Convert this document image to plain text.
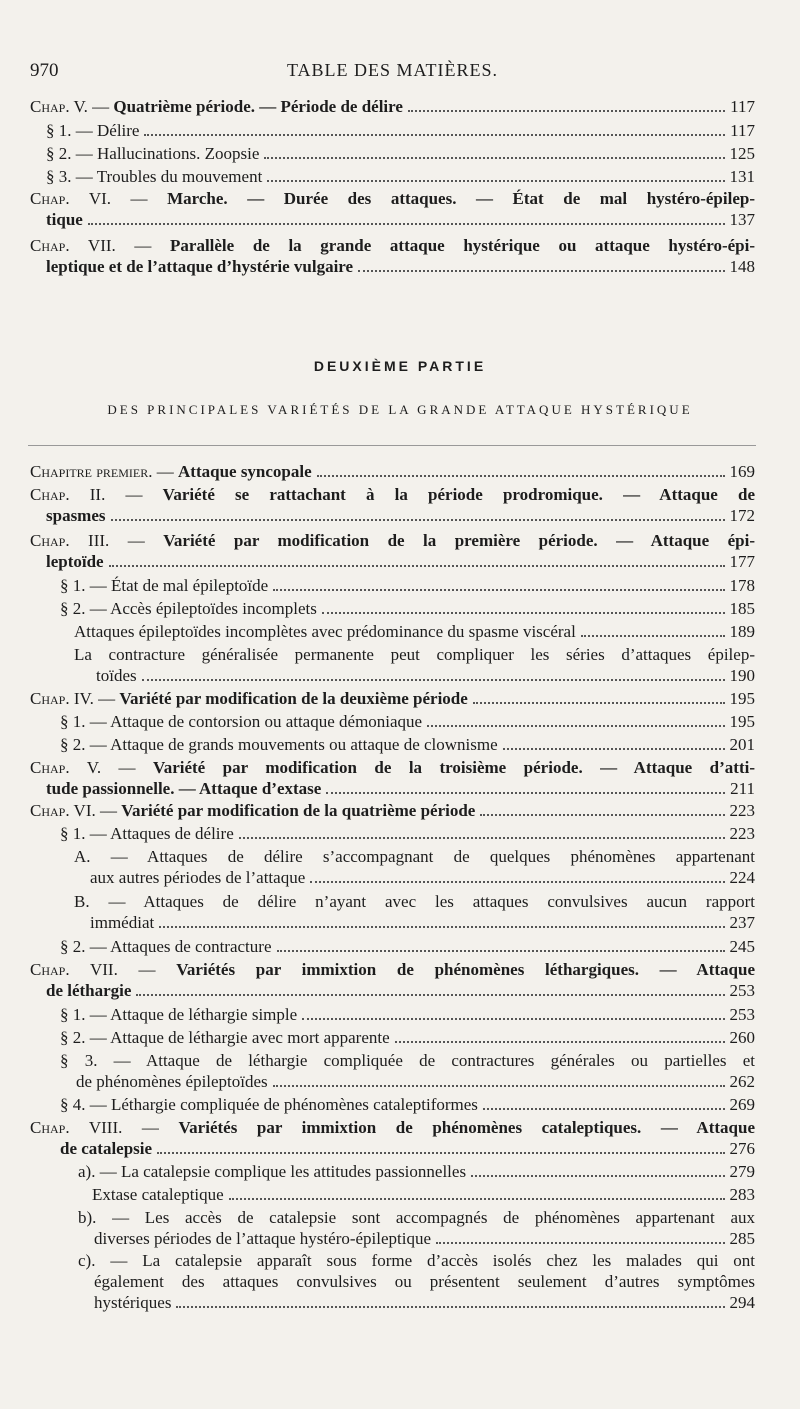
970	TABLE DES MATIÈRES.
Chap. V. — Quatrième période. — Période de délire	117
§ 1. — Délire	117
§ 2. — Hallucinations. Zoopsie	125
§ 3. — Troubles du mouvement	131
Chap. VI. — Marche. — Durée des attaques. — État de mal hystéro-épilep-
tique	137
Chap. VII. — Parallèle de la grande attaque hystérique ou attaque hystéro-épi-
leptique et de l’attaque d’hystérie vulgaire	148
DEUXIÈME PARTIE
DES PRINCIPALES VARIÉTÉS DE LA GRANDE ATTAQUE HYSTÉRIQUE
Chapitre premier. — Attaque syncopale	169
Chap. II. — Variété se rattachant à la période prodromique. — Attaque de
spasmes	172
Chap. III. — Variété par modification de la première période. — Attaque épi-
leptoïde	177
§ 1. — État de mal épileptoïde	178
§ 2. — Accès épileptoïdes incomplets	185
Attaques épileptoïdes incomplètes avec prédominance du spasme viscéral	189
La contracture généralisée permanente peut compliquer les séries d’attaques épilep-
toïdes	190
Chap. IV. — Variété par modification de la deuxième période	195
§ 1. — Attaque de contorsion ou attaque démoniaque	195
§ 2. — Attaque de grands mouvements ou attaque de clownisme	201
Chap. V. — Variété par modification de la troisième période. — Attaque d’atti-
tude passionnelle. — Attaque d’extase	211
Chap. VI. — Variété par modification de la quatrième période	223
§ 1. — Attaques de délire	223
A. — Attaques de délire s’accompagnant de quelques phénomènes appartenant
aux autres périodes de l’attaque	224
B. — Attaques de délire n’ayant avec les attaques convulsives aucun rapport
immédiat	237
§ 2. — Attaques de contracture	245
Chap. VII. — Variétés par immixtion de phénomènes léthargiques. — Attaque
de léthargie	253
§ 1. — Attaque de léthargie simple	253
§ 2. — Attaque de léthargie avec mort apparente	260
§ 3. — Attaque de léthargie compliquée de contractures générales ou partielles et
de phénomènes épileptoïdes	262
§ 4. — Léthargie compliquée de phénomènes cataleptiformes	269
Chap. VIII. — Variétés par immixtion de phénomènes cataleptiques. — Attaque
de catalepsie	276
a). — La catalepsie complique les attitudes passionnelles	279
Extase cataleptique	283
b). — Les accès de catalepsie sont accompagnés de phénomènes appartenant aux
diverses périodes de l’attaque hystéro-épileptique	285
c). — La catalepsie apparaît sous forme d’accès isolés chez les malades qui ont
également des attaques convulsives ou présentent seulement d’autres symptômes
hystériques	294
